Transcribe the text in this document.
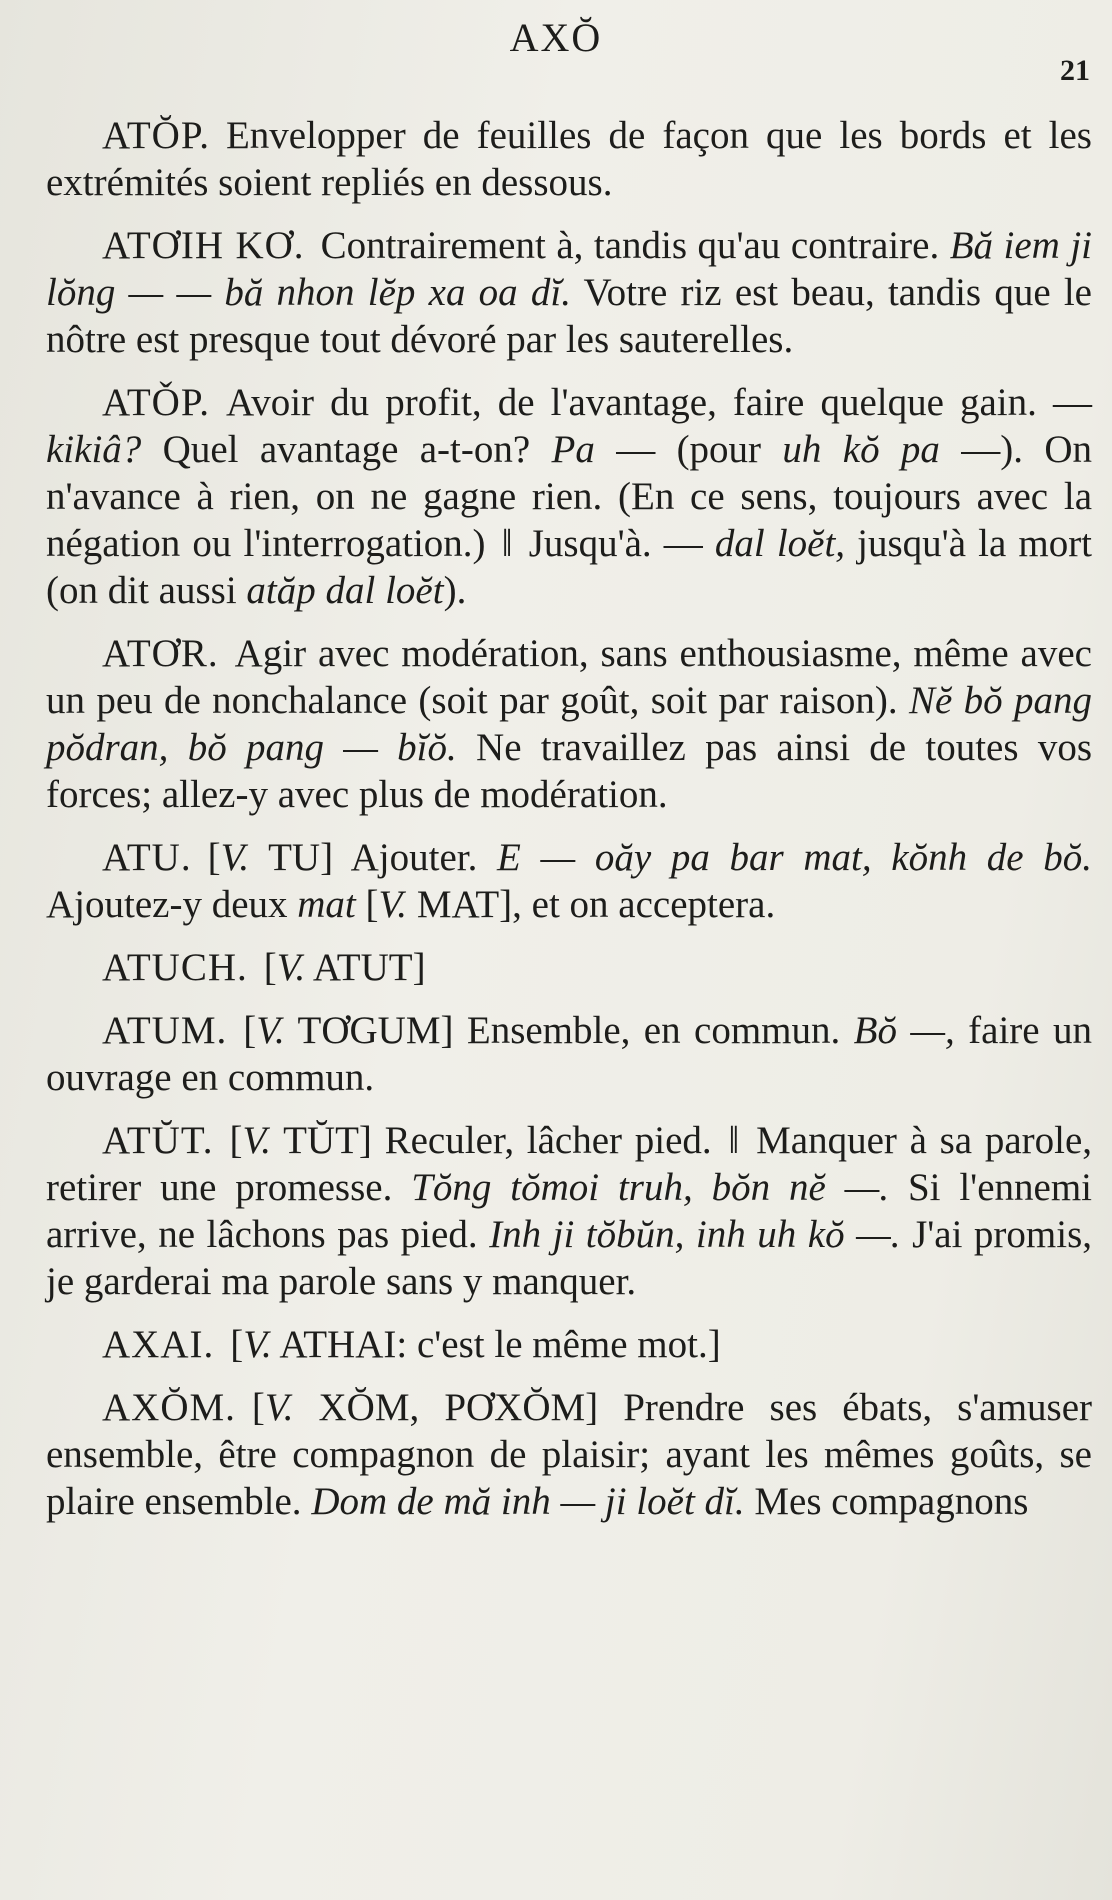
AXŎ
21

ATŎP. Envelopper de feuilles de façon que les bords et les extrémités soient repliés en dessous.

ATƠIH KƠ. Contrairement à, tandis qu'au contraire. Bă iem ji lŏng — — bă nhon lĕp xa oa dĭ. Votre riz est beau, tandis que le nôtre est presque tout dévoré par les sauterelles.

ATǑP. Avoir du profit, de l'avantage, faire quelque gain. — kikiâ? Quel avantage a-t-on? Pa — (pour uh kŏ pa —). On n'avance à rien, on ne gagne rien. (En ce sens, toujours avec la négation ou l'interrogation.) ‖ Jusqu'à. — dal loĕt, jusqu'à la mort (on dit aussi atăp dal loĕt).

ATƠR. Agir avec modération, sans enthousiasme, même avec un peu de nonchalance (soit par goût, soit par raison). Nĕ bŏ pang pŏdran, bŏ pang — bĭŏ. Ne travaillez pas ainsi de toutes vos forces; allez-y avec plus de modération.

ATU. [V. TU] Ajouter. E — oăy pa bar mat, kŏnh de bŏ. Ajoutez-y deux mat [V. MAT], et on acceptera.

ATUCH. [V. ATUT]

ATUM. [V. TƠGUM] Ensemble, en commun. Bŏ —, faire un ouvrage en commun.

ATŬT. [V. TŬT] Reculer, lâcher pied. ‖ Manquer à sa parole, retirer une promesse. Tŏng tŏmoi truh, bŏn nĕ —. Si l'ennemi arrive, ne lâchons pas pied. Inh ji tŏbŭn, inh uh kŏ —. J'ai promis, je garderai ma parole sans y manquer.

AXAI. [V. ATHAI: c'est le même mot.]

AXŎM. [V. XŎM, PƠXŎM] Prendre ses ébats, s'amuser ensemble, être compagnon de plaisir; ayant les mêmes goûts, se plaire ensemble. Dom de mă inh — ji loĕt dĭ. Mes compagnons
